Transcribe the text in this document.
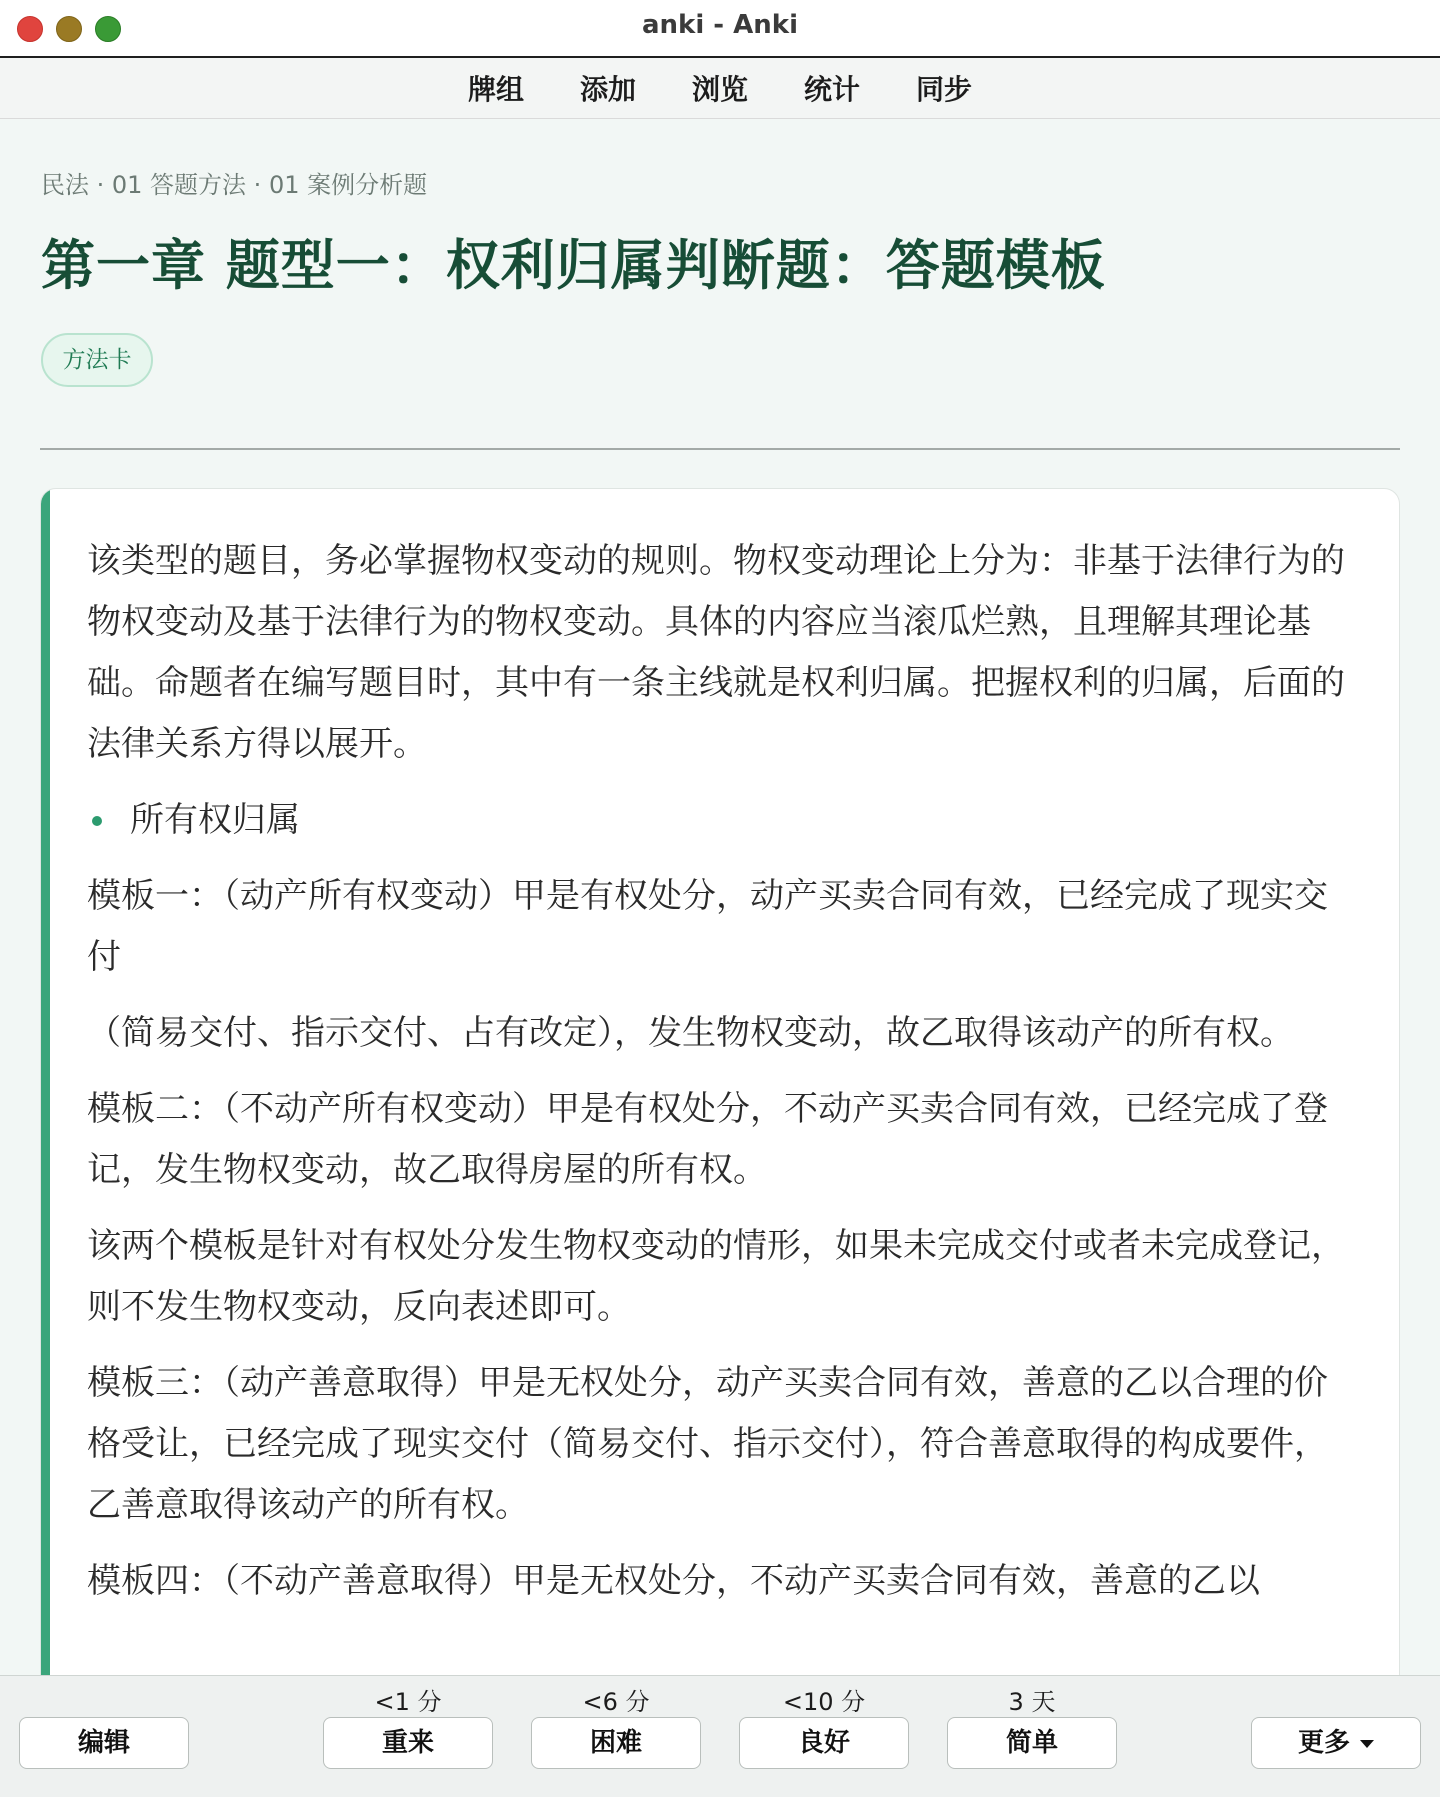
anki - Anki
牌组 添加 浏览 统计 同步
民法 · 01 答题方法 · 01 案例分析题
第一章 题型一：权利归属判断题：答题模板
方法卡

该类型的题目，务必掌握物权变动的规则。物权变动理论上分为：非基于法律行为的物权变动及基于法律行为的物权变动。具体的内容应当滚瓜烂熟，且理解其理论基础。命题者在编写题目时，其中有一条主线就是权利归属。把握权利的归属，后面的法律关系方得以展开。

所有权归属

模板一：（动产所有权变动）甲是有权处分，动产买卖合同有效，已经完成了现实交付

（简易交付、指示交付、占有改定），发生物权变动，故乙取得该动产的所有权。

模板二：（不动产所有权变动）甲是有权处分，不动产买卖合同有效，已经完成了登记，发生物权变动，故乙取得房屋的所有权。

该两个模板是针对有权处分发生物权变动的情形，如果未完成交付或者未完成登记，则不发生物权变动，反向表述即可。

模板三：（动产善意取得）甲是无权处分，动产买卖合同有效，善意的乙以合理的价格受让，已经完成了现实交付（简易交付、指示交付），符合善意取得的构成要件，乙善意取得该动产的所有权。

模板四：（不动产善意取得）甲是无权处分，不动产买卖合同有效，善意的乙以

编辑
<1 分
重来
<6 分
困难
<10 分
良好
3 天
简单	更多
